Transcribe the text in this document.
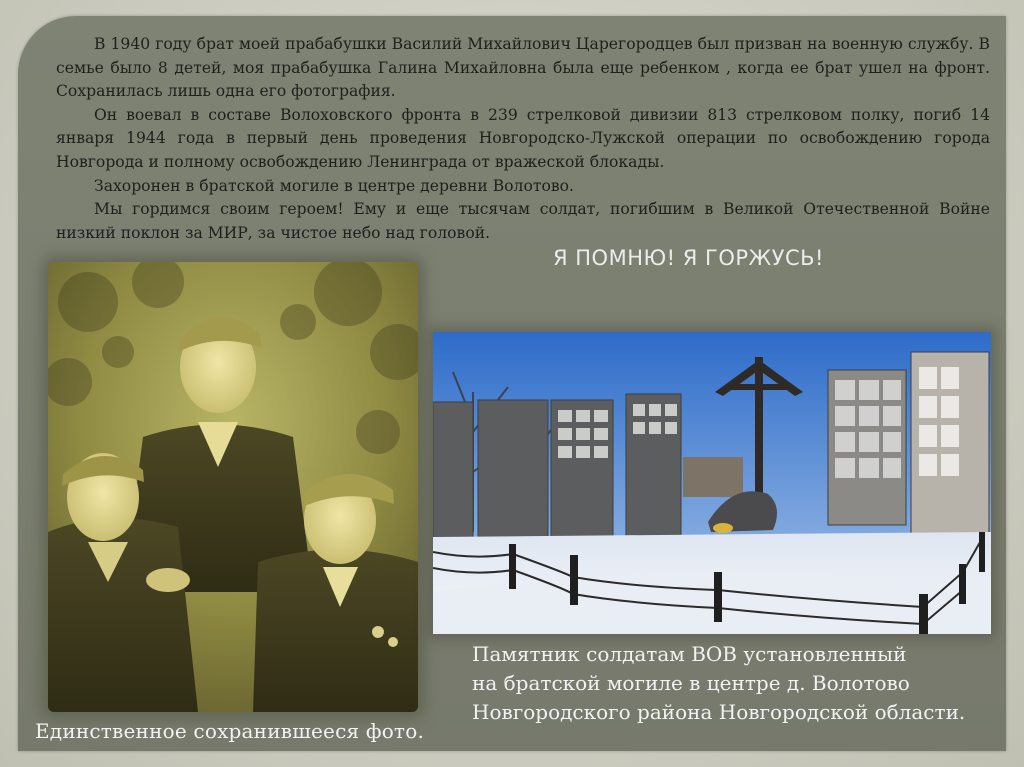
В 1940 году брат моей прабабушки Василий Михайлович Царегородцев был призван на военную службу. В семье было 8 детей, моя прабабушка Галина Михайловна была еще ребенком , когда ее брат ушел на фронт. Сохранилась лишь одна его фотография.

Он воевал в составе Волоховского фронта в 239 стрелковой дивизии 813 стрелковом полку, погиб 14 января 1944 года в первый день проведения Новгородско-Лужской операции по освобождению города Новгорода и полному освобождению Ленинграда от вражеской блокады.

Захоронен в братской могиле в центре деревни Волотово.

Мы гордимся своим героем! Ему и еще тысячам солдат, погибшим в Великой Отечественной Войне низкий поклон за МИР, за чистое небо над головой.

Я ПОМНЮ! Я ГОРЖУСЬ!
Памятник солдатам ВОВ установленный
на братской могиле в центре д. Волотово
Новгородского района Новгородской области.
Единственное сохранившееся фото.
